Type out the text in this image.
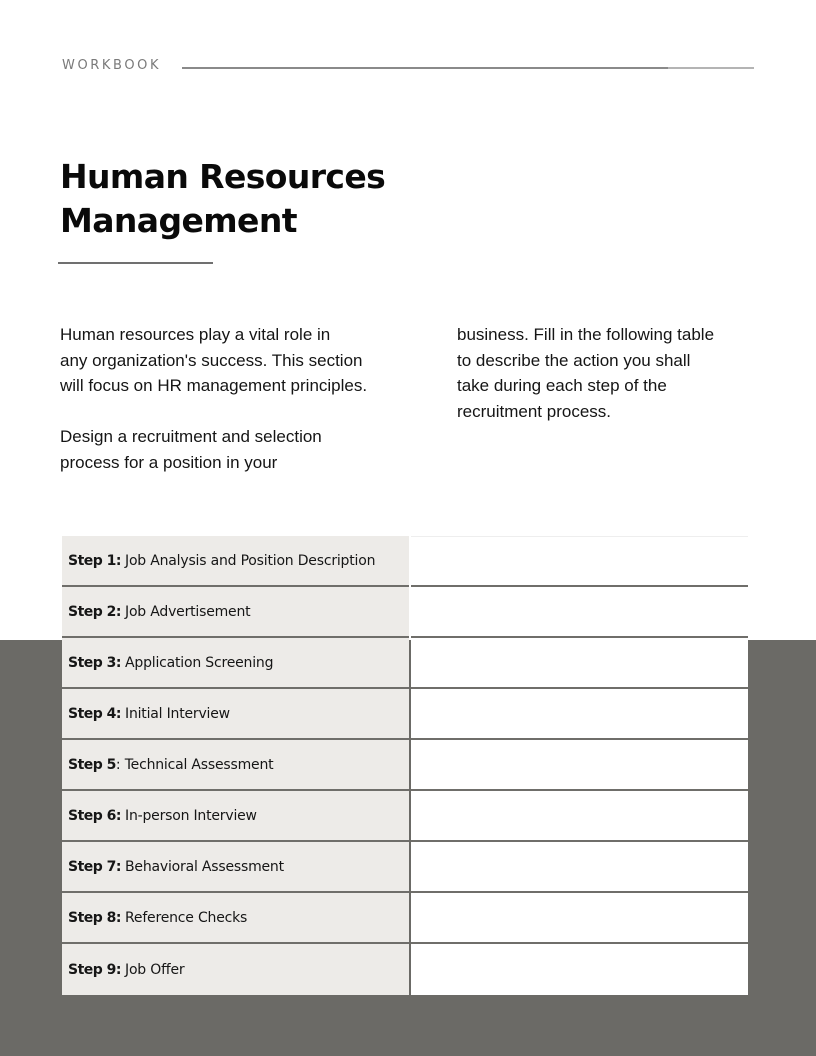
WORKBOOK
Human Resources
Management

Human resources play a vital role in
any organization's success. This section
will focus on HR management principles.

Design a recruitment and selection
process for a position in your

business. Fill in the following table
to describe the action you shall
take during each step of the
recruitment process.

Step 1: Job Analysis and Position Description
Step 2: Job Advertisement
Step 3: Application Screening
Step 4: Initial Interview
Step 5 : Technical Assessment
Step 6: In-person Interview
Step 7: Behavioral Assessment
Step 8: Reference Checks
Step 9: Job Offer
